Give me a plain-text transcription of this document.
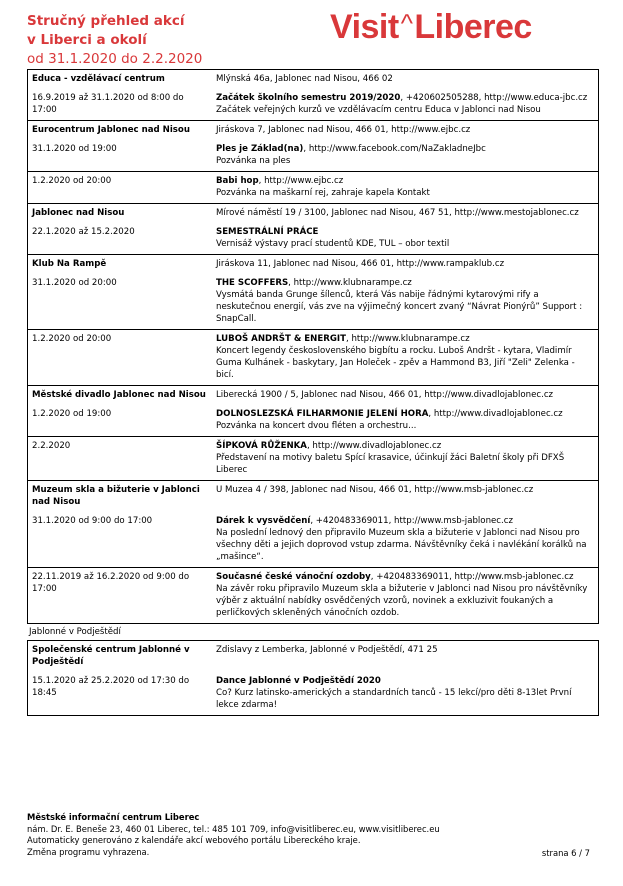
Stručný přehled akcí
v Liberci a okolí
od 31.1.2020 do 2.2.2020
Visit^Liberec
Educa - vzdělávací centrum	Mlýnská 46a, Jablonec nad Nisou, 466 02
16.9.2019 až 31.1.2020 od 8:00 do 17:00	Začátek školního semestru 2019/2020, +420602505288, http://www.educa-jbc.cz
Začátek veřejných kurzů ve vzdělávacím centru Educa v Jablonci nad Nisou

Eurocentrum Jablonec nad Nisou	Jiráskova 7, Jablonec nad Nisou, 466 01, http://www.ejbc.cz
31.1.2020 od 19:00	Ples je Základ(na), http://www.facebook.com/NaZakladneJbc
Pozvánka na ples

1.2.2020 od 20:00	Babi hop, http://www.ejbc.cz
Pozvánka na maškarní rej, zahraje kapela Kontakt

Jablonec nad Nisou	Mírové náměstí 19 / 3100, Jablonec nad Nisou, 467 51, http://www.mestojablonec.cz
22.1.2020 až 15.2.2020	SEMESTRÁLNÍ PRÁCE
Vernisáž výstavy prací studentů KDE, TUL – obor textil

Klub Na Rampě	Jiráskova 11, Jablonec nad Nisou, 466 01, http://www.rampaklub.cz
31.1.2020 od 20:00	THE SCOFFERS, http://www.klubnarampe.cz
Vysmátá banda Grunge šílenců, která Vás nabije řádnými kytarovými rify a neskutečnou energií, vás zve na výjimečný koncert zvaný “Návrat Pionýrů” Support : SnapCall.

1.2.2020 od 20:00	LUBOŠ ANDRŠT & ENERGIT, http://www.klubnarampe.cz
Koncert legendy československého bigbítu a rocku. Luboš Andršt - kytara, Vladimír Guma Kulhánek - baskytary, Jan Holeček - zpěv a Hammond B3, Jiří "Zeli" Zelenka - bicí.

Městské divadlo Jablonec nad Nisou	Liberecká 1900 / 5, Jablonec nad Nisou, 466 01, http://www.divadlojablonec.cz
1.2.2020 od 19:00	DOLNOSLEZSKÁ FILHARMONIE JELENÍ HORA, http://www.divadlojablonec.cz
Pozvánka na koncert dvou fléten a orchestru...

2.2.2020	ŠÍPKOVÁ RŮŽENKA, http://www.divadlojablonec.cz
Představení na motivy baletu Spící krasavice, účinkují žáci Baletní školy při DFXŠ Liberec

Muzeum skla a bižuterie v Jablonci nad Nisou	U Muzea 4 / 398, Jablonec nad Nisou, 466 01, http://www.msb-jablonec.cz
31.1.2020 od 9:00 do 17:00	Dárek k vysvědčení, +420483369011, http://www.msb-jablonec.cz
Na poslední lednový den připravilo Muzeum skla a bižuterie v Jablonci nad Nisou pro všechny děti a jejich doprovod vstup zdarma. Návštěvníky čeká i navlékání korálků na „mašince“.

22.11.2019 až 16.2.2020 od 9:00 do 17:00	Současné české vánoční ozdoby, +420483369011, http://www.msb-jablonec.cz
Na závěr roku připravilo Muzeum skla a bižuterie v Jablonci nad Nisou pro návštěvníky výběr z aktuální nabídky osvědčených vzorů, novinek a exkluzivit foukaných a perličkových skleněných vánočních ozdob.
Jablonné v Podještědí
Společenské centrum Jablonné v Podještědí	Zdislavy z Lemberka, Jablonné v Podještědí, 471 25
15.1.2020 až 25.2.2020 od 17:30 do 18:45	Dance Jablonné v Podještědí 2020
Co? Kurz latinsko-amerických a standardních tanců - 15 lekcí/pro děti 8-13let První lekce zdarma!
Městské informační centrum Liberec
nám. Dr. E. Beneše 23, 460 01 Liberec, tel.: 485 101 709, info@visitliberec.eu, www.visitliberec.eu
Automaticky generováno z kalendáře akcí webového portálu Libereckého kraje.
Změna programu vyhrazena.	strana 6 / 7
